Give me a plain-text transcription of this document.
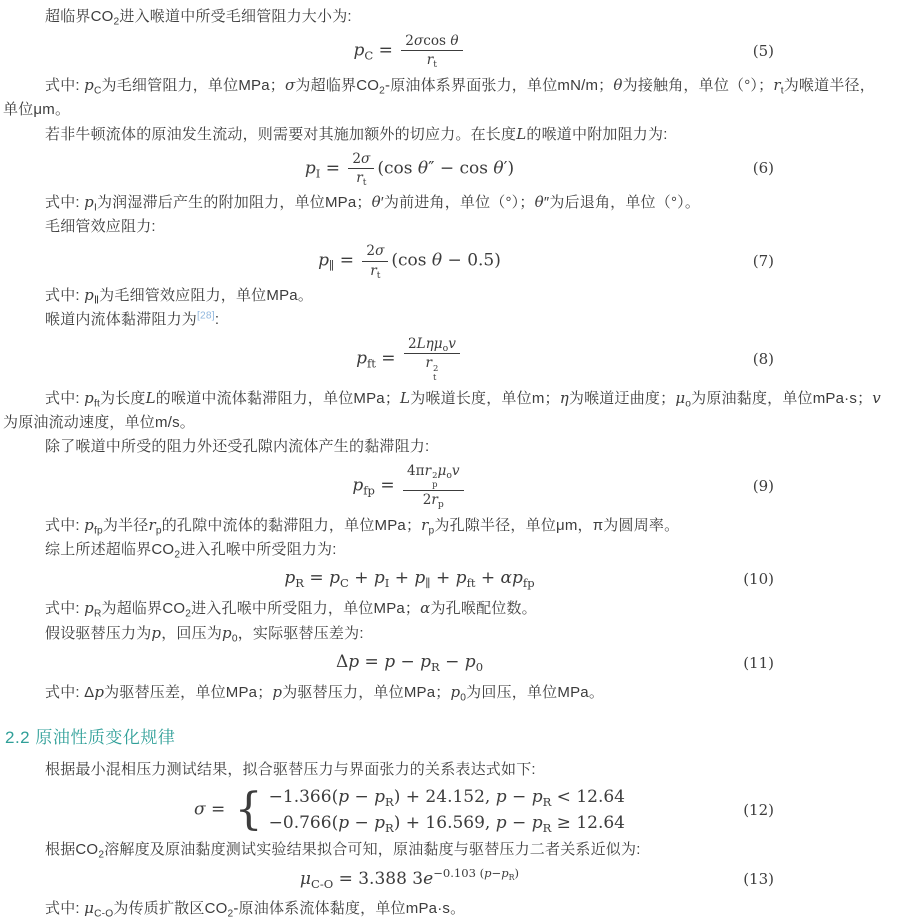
超临界$CO_2$进入喉道中所受毛细管阻力大小为:

$p_C = \frac{\text{2σcos θ}}{r_t}$	(5)

式中: $p_C$为毛细管阻力，单位MPa；σ为超临界$CO_2-$原油体系界面张力，单位mN/m；θ为接触角，单位（°）；$r_t$为喉道半径，单位μm。

若非牛顿流体的原油发生流动，则需要对其施加额外的切应力。在长度L的喉道中附加阻力为:

$p_I = \frac{2\sigma}{r_t} (\cos$ θ″ − cos θ′)	(6)

式中: $p_I$为润湿滞后产生的附加阻力，单位MPa；θ′为前进角，单位（°）；θ″为后退角，单位（°）。

毛细管效应阻力:

$p_\parallel = \frac{2\sigma}{r_t} (\cos$ θ − 0.5)	(7)

式中: $p_Ⅱ$为毛细管效应阻力，单位MPa。

喉道内流体黏滞阻力为[28]:

$p_{ft} = 2L\eta\mu_ov$
r 2
t	(8)

式中: $p_{ft}$为长度L的喉道中流体黏滞阻力，单位MPa；L为喉道长度，单位m；η为喉道迂曲度；$\mu_o$为原油黏度，单位mPa·s；v为原油流动速度，单位m/s。

除了喉道中所受的阻力外还受孔隙内流体产生的黏滞阻力:

$p_{fp} = 4\pi r$ 2
p
$\mu_ov$
$2r_p$	(9)

式中: $p_{fp}$为半径$r_p$的孔隙中流体的黏滞阻力，单位MPa；$r_p$为孔隙半径，单位μm，π为圆周率。

综上所述超临界$CO_2$进入孔喉中所受阻力为:

$p_R = p_C + p_I + p_\parallel + p_{ft} + \alpha p_{fp}$	(10)

式中: $p_R$为超临界$CO_2$进入孔喉中所受阻力，单位MPa；α为孔喉配位数。

假设驱替压力为p，回压为$p_0$，实际驱替压差为:

$\Delta p = p - p_R - p_0$	(11)

式中: Δp为驱替压差，单位MPa；p为驱替压力，单位MPa；$p_0$为回压，单位MPa。

2.2 原油性质变化规律

根据最小混相压力测试结果，拟合驱替压力与界面张力的关系表达式如下:

σ = { $-1.366(p - p_R) + 24.152$, $p - p_R < 12.64$
$-0.766(p - p_R) + 16.569$, $p - p_R \ge 12.64$
(12)

根据$CO_2$溶解度及原油黏度测试实验结果拟合可知，原油黏度与驱替压力二者关系近似为:

$\mu_{C-O} = 3.388$ $3e^{-0.103 (p-p_R)}$	(13)

式中: $\mu_{C-O}$为传质扩散区$CO_2-$原油体系流体黏度，单位mPa·s。
